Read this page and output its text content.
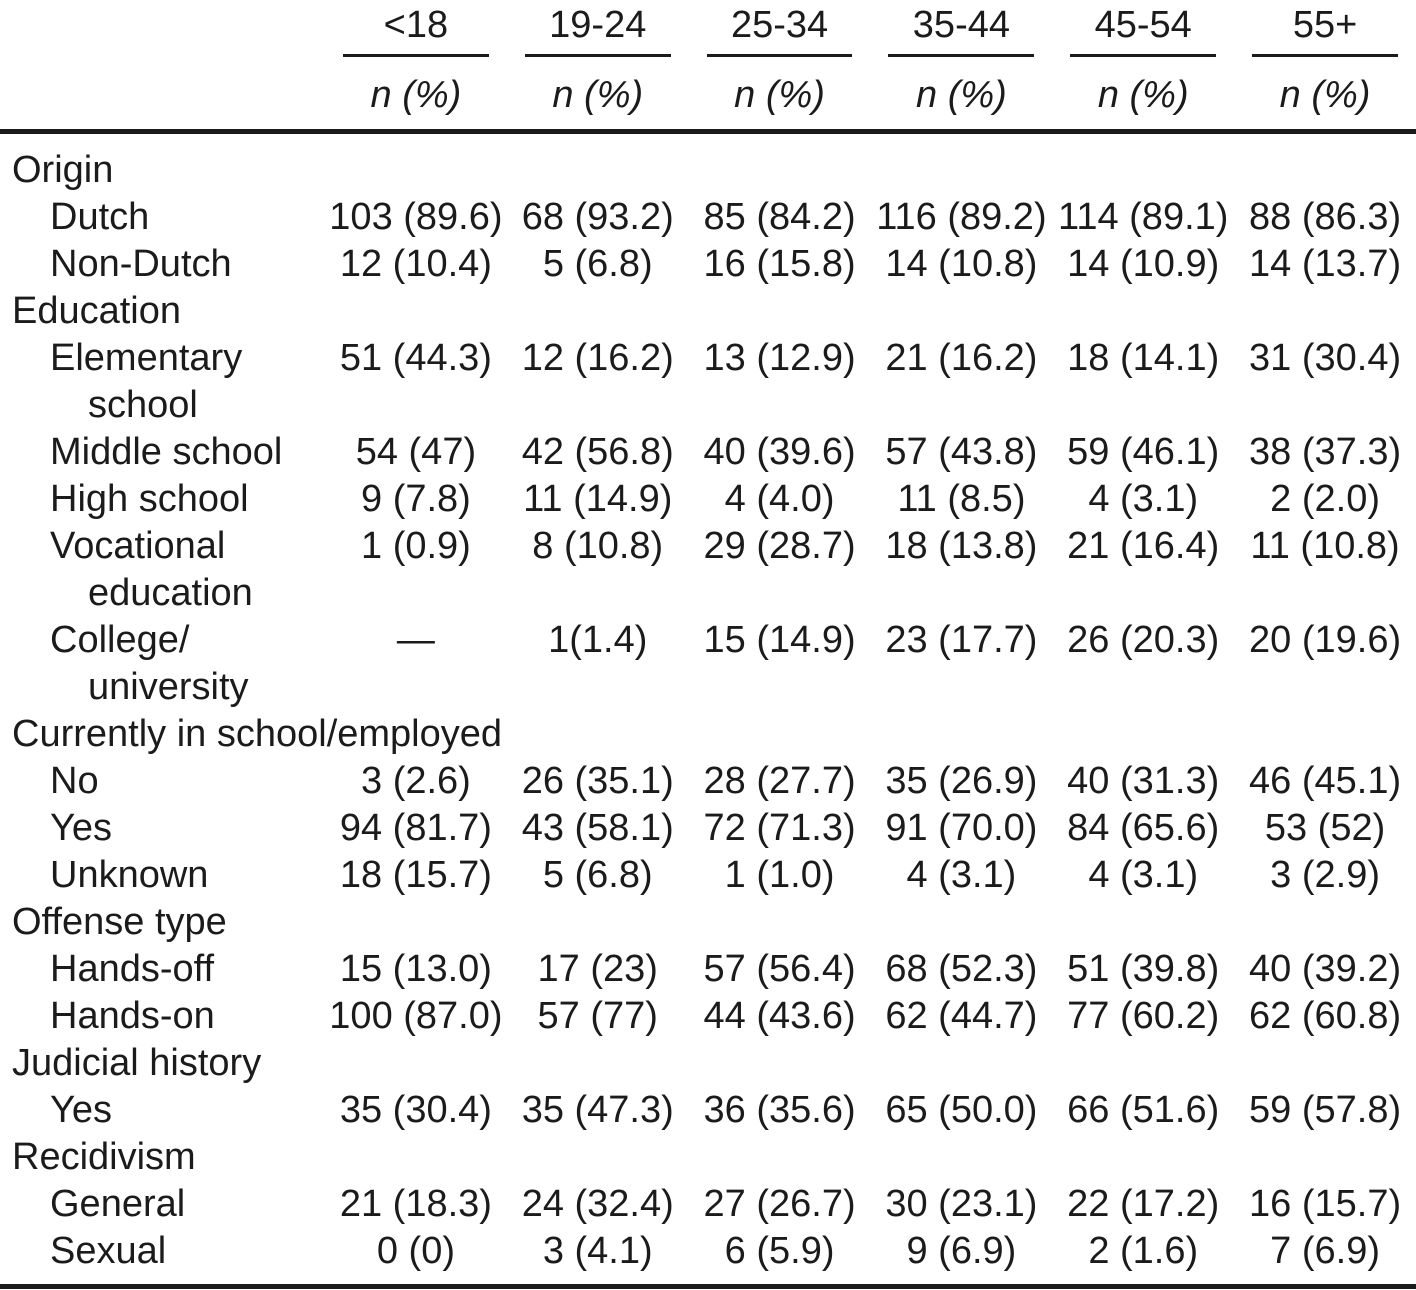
	<18	19-24	25-34	35-44	45-54	55+

	n (%)	n (%)	n (%)	n (%)	n (%)	n (%)
Origin						

Dutch	103 (89.6)	68 (93.2)	85 (84.2)	116 (89.2)	114 (89.1)	88 (86.3)

Non-Dutch	12 (10.4)	5 (6.8)	16 (15.8)	14 (10.8)	14 (10.9)	14 (13.7)
Education						

Elementary
school	51 (44.3)	12 (16.2)	13 (12.9)	21 (16.2)	18 (14.1)	31 (30.4)

Middle school	54 (47)	42 (56.8)	40 (39.6)	57 (43.8)	59 (46.1)	38 (37.3)

High school	9 (7.8)	11 (14.9)	4 (4.0)	11 (8.5)	4 (3.1)	2 (2.0)

Vocational
education	1 (0.9)	8 (10.8)	29 (28.7)	18 (13.8)	21 (16.4)	11 (10.8)

College/
university	—	1(1.4)	15 (14.9)	23 (17.7)	26 (20.3)	20 (19.6)
Currently in school/employed						

No	3 (2.6)	26 (35.1)	28 (27.7)	35 (26.9)	40 (31.3)	46 (45.1)

Yes	94 (81.7)	43 (58.1)	72 (71.3)	91 (70.0)	84 (65.6)	53 (52)

Unknown	18 (15.7)	5 (6.8)	1 (1.0)	4 (3.1)	4 (3.1)	3 (2.9)
Offense type						

Hands-off	15 (13.0)	17 (23)	57 (56.4)	68 (52.3)	51 (39.8)	40 (39.2)

Hands-on	100 (87.0)	57 (77)	44 (43.6)	62 (44.7)	77 (60.2)	62 (60.8)
Judicial history						

Yes	35 (30.4)	35 (47.3)	36 (35.6)	65 (50.0)	66 (51.6)	59 (57.8)
Recidivism						

General	21 (18.3)	24 (32.4)	27 (26.7)	30 (23.1)	22 (17.2)	16 (15.7)

Sexual	0 (0)	3 (4.1)	6 (5.9)	9 (6.9)	2 (1.6)	7 (6.9)
